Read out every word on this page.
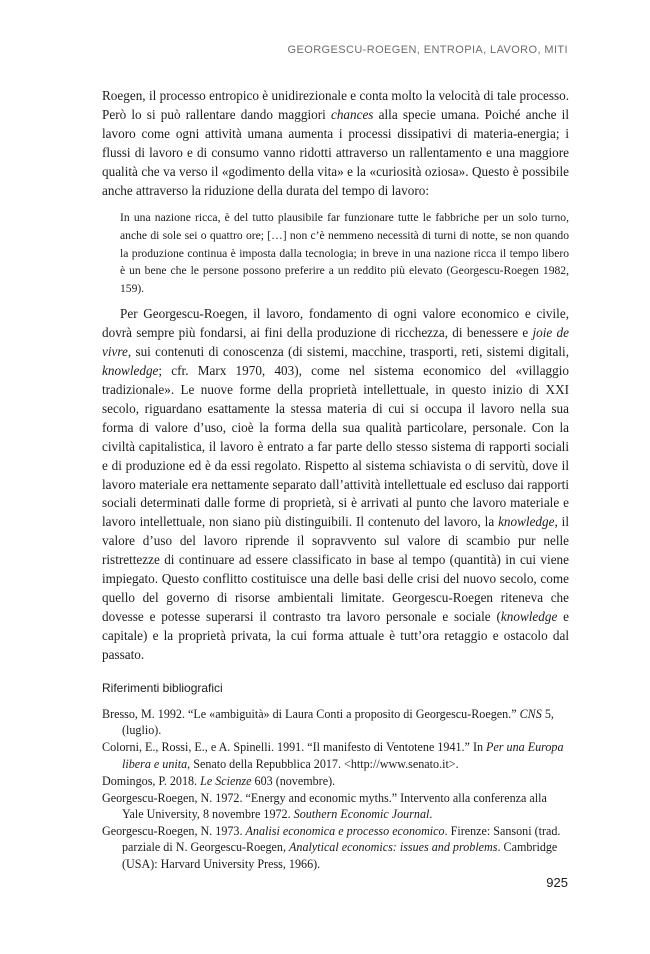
GEORGESCU-ROEGEN, ENTROPIA, LAVORO, MITI

Roegen, il processo entropico è unidirezionale e conta molto la velocità di tale processo. Però lo si può rallentare dando maggiori chances alla specie umana. Poiché anche il lavoro come ogni attività umana aumenta i processi dissipativi di materia-energia; i flussi di lavoro e di consumo vanno ridotti attraverso un rallentamento e una maggiore qualità che va verso il «godimento della vita» e la «curiosità oziosa». Questo è possibile anche attraverso la riduzione della durata del tempo di lavoro:

In una nazione ricca, è del tutto plausibile far funzionare tutte le fabbriche per un solo turno, anche di sole sei o quattro ore; […] non c’è nemmeno necessità di turni di notte, se non quando la produzione continua è imposta dalla tecnologia; in breve in una nazione ricca il tempo libero è un bene che le persone possono preferire a un reddito più elevato (Georgescu-Roegen 1982, 159).

Per Georgescu-Roegen, il lavoro, fondamento di ogni valore economico e civile, dovrà sempre più fondarsi, ai fini della produzione di ricchezza, di benessere e joie de vivre, sui contenuti di conoscenza (di sistemi, macchine, trasporti, reti, sistemi digitali, knowledge; cfr. Marx 1970, 403), come nel sistema economico del «villaggio tradizionale». Le nuove forme della proprietà intellettuale, in questo inizio di XXI secolo, riguardano esattamente la stessa materia di cui si occupa il lavoro nella sua forma di valore d’uso, cioè la forma della sua qualità particolare, personale. Con la civiltà capitalistica, il lavoro è entrato a far parte dello stesso sistema di rapporti sociali e di produzione ed è da essi regolato. Rispetto al sistema schiavista o di servitù, dove il lavoro materiale era nettamente separato dall’attività intellettuale ed escluso dai rapporti sociali determinati dalle forme di proprietà, si è arrivati al punto che lavoro materiale e lavoro intellettuale, non siano più distinguibili. Il contenuto del lavoro, la knowledge, il valore d’uso del lavoro riprende il sopravvento sul valore di scambio pur nelle ristrettezze di continuare ad essere classificato in base al tempo (quantità) in cui viene impiegato. Questo conflitto costituisce una delle basi delle crisi del nuovo secolo, come quello del governo di risorse ambientali limitate. Georgescu-Roegen riteneva che dovesse e potesse superarsi il contrasto tra lavoro personale e sociale (knowledge e capitale) e la proprietà privata, la cui forma attuale è tutt’ora retaggio e ostacolo dal passato.

Riferimenti bibliografici
Bresso, M. 1992. “Le «ambiguità» di Laura Conti a proposito di Georgescu-Roegen.” CNS 5, (luglio).
Colorni, E., Rossi, E., e A. Spinelli. 1991. “Il manifesto di Ventotene 1941.” In Per una Europa libera e unita, Senato della Repubblica 2017. <http://www.senato.it>.
Domingos, P. 2018. Le Scienze 603 (novembre).
Georgescu-Roegen, N. 1972. “Energy and economic myths.” Intervento alla conferenza alla Yale University, 8 novembre 1972. Southern Economic Journal.
Georgescu-Roegen, N. 1973. Analisi economica e processo economico. Firenze: Sansoni (trad. parziale di N. Georgescu-Roegen, Analytical economics: issues and problems. Cambridge (USA): Harvard University Press, 1966).
925
